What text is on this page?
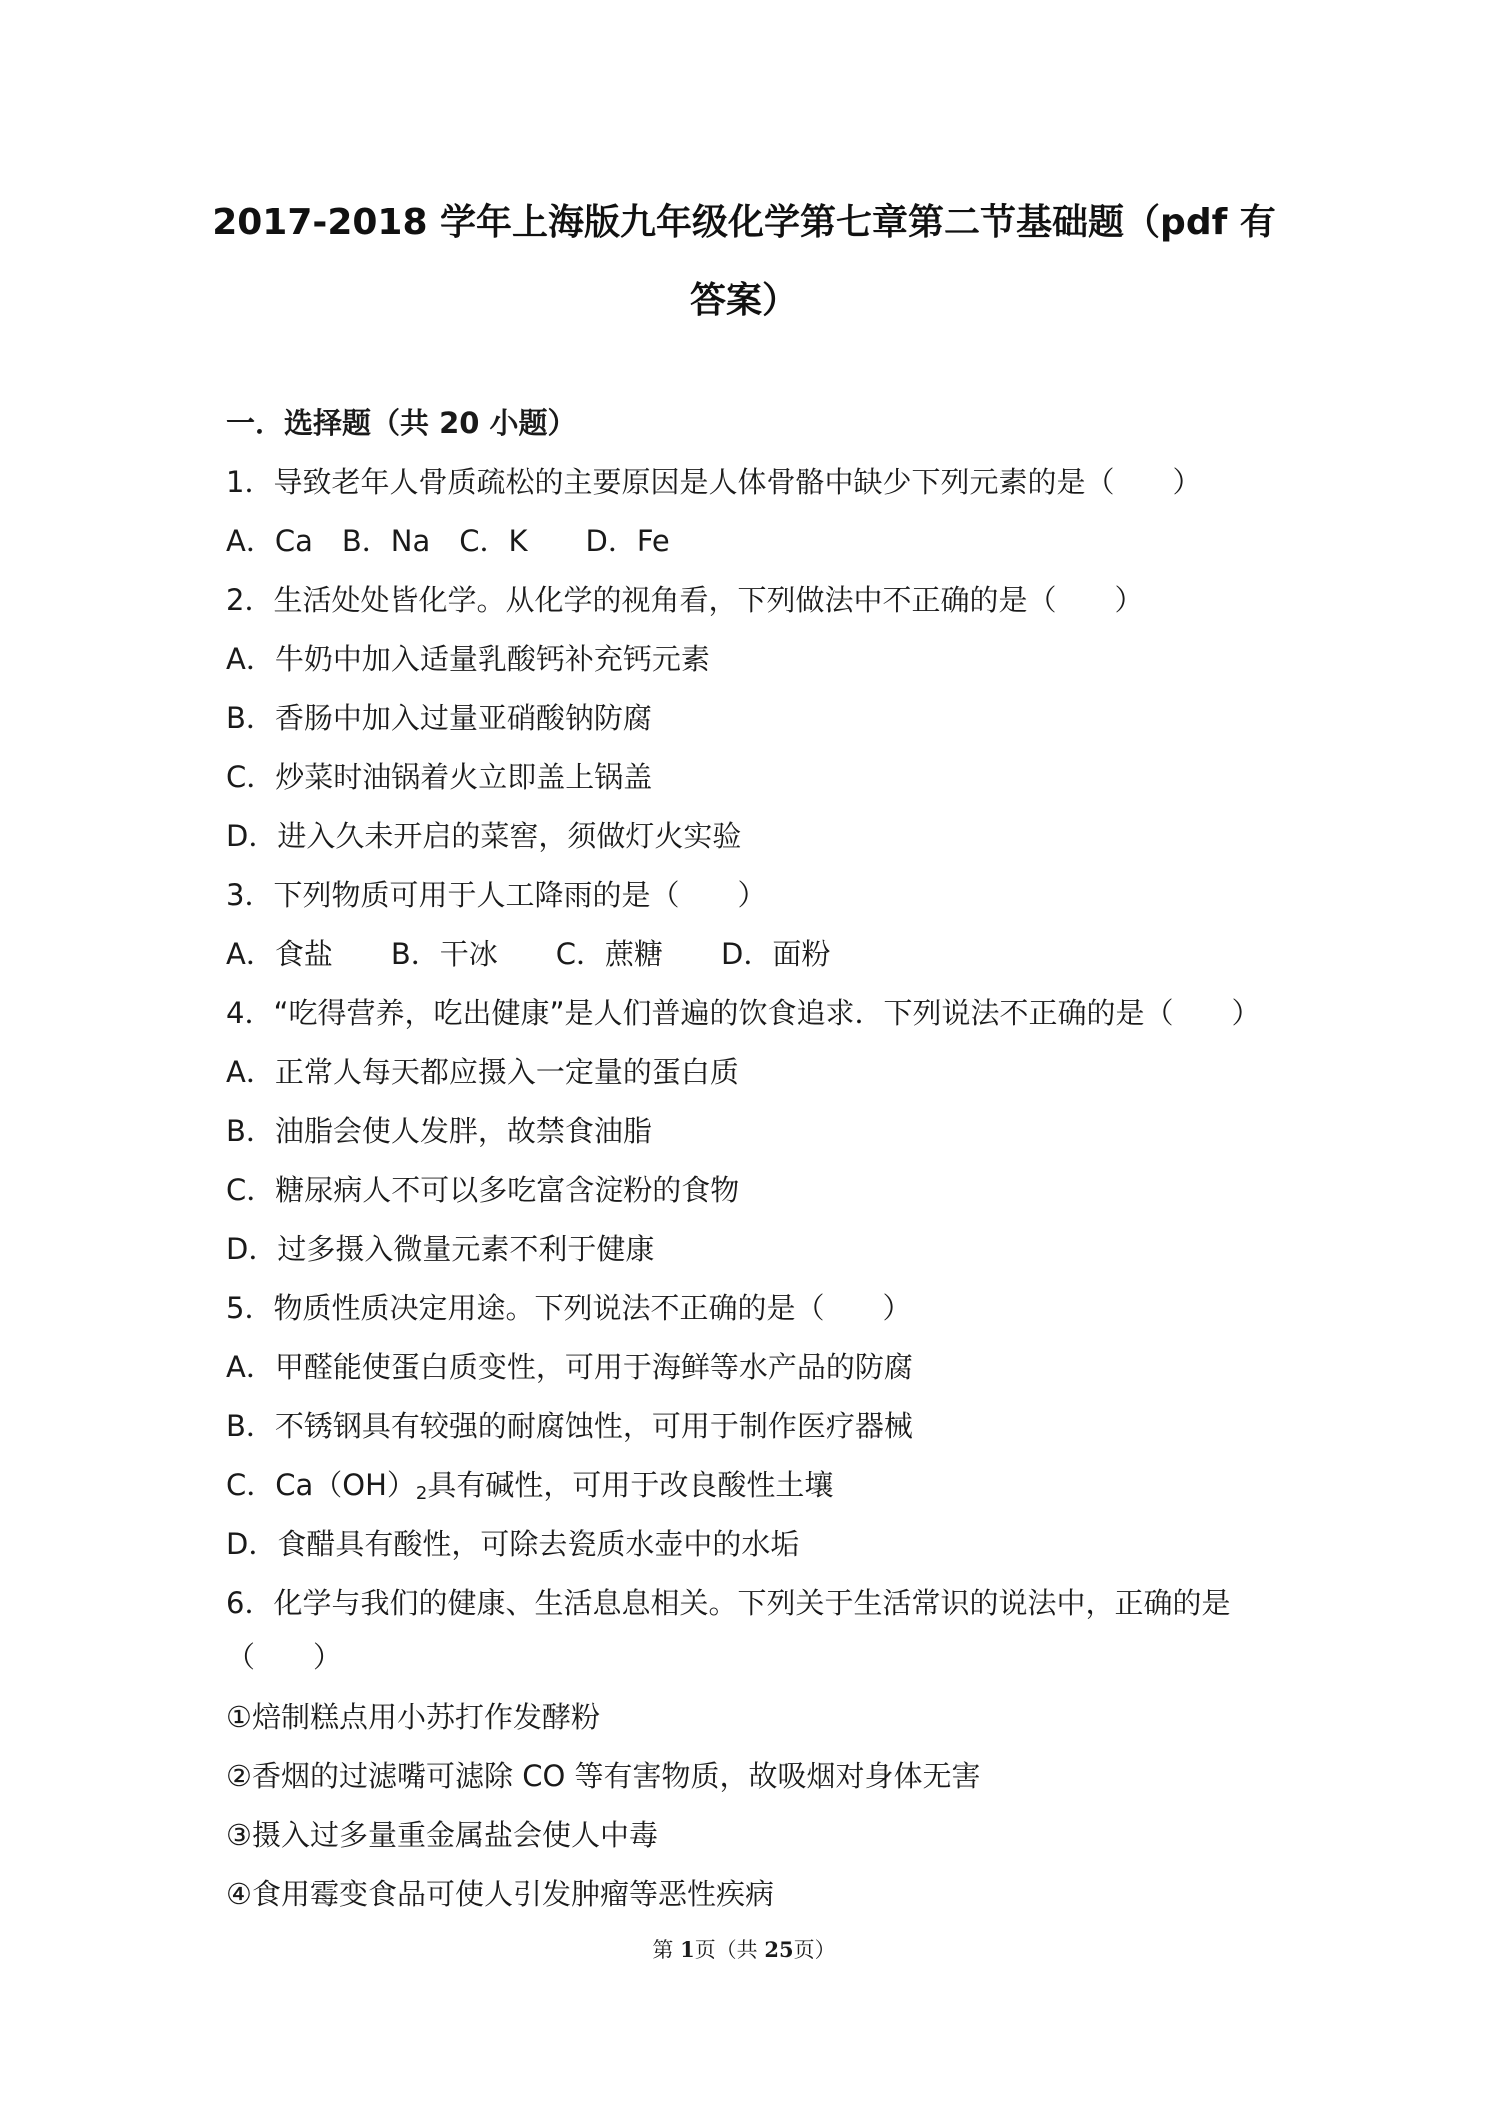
2017-2018 学年上海版九年级化学第七章第二节基础题（pdf 有
答案）
一．选择题（共 20 小题）
1．导致老年人骨质疏松的主要原因是人体骨骼中缺少下列元素的是（　　）
A．Ca　B．Na　C．K　　D．Fe
2．生活处处皆化学。从化学的视角看，下列做法中不正确的是（　　）
A．牛奶中加入适量乳酸钙补充钙元素
B．香肠中加入过量亚硝酸钠防腐
C．炒菜时油锅着火立即盖上锅盖
D．进入久未开启的菜窖，须做灯火实验
3．下列物质可用于人工降雨的是（　　）
A．食盐　　B．干冰　　C．蔗糖　　D．面粉
4．“吃得营养，吃出健康”是人们普遍的饮食追求．下列说法不正确的是（　　）
A．正常人每天都应摄入一定量的蛋白质
B．油脂会使人发胖，故禁食油脂
C．糖尿病人不可以多吃富含淀粉的食物
D．过多摄入微量元素不利于健康
5．物质性质决定用途。下列说法不正确的是（　　）
A．甲醛能使蛋白质变性，可用于海鲜等水产品的防腐
B．不锈钢具有较强的耐腐蚀性，可用于制作医疗器械
C．$Ca(OH)_2$具有碱性，可用于改良酸性土壤
D．食醋具有酸性，可除去瓷质水壶中的水垢
6．化学与我们的健康、生活息息相关。下列关于生活常识的说法中，正确的是
（　　）
①焙制糕点用小苏打作发酵粉
②香烟的过滤嘴可滤除 CO 等有害物质，故吸烟对身体无害
③摄入过多量重金属盐会使人中毒
④食用霉变食品可使人引发肿瘤等恶性疾病
第 1页（共 25页）
